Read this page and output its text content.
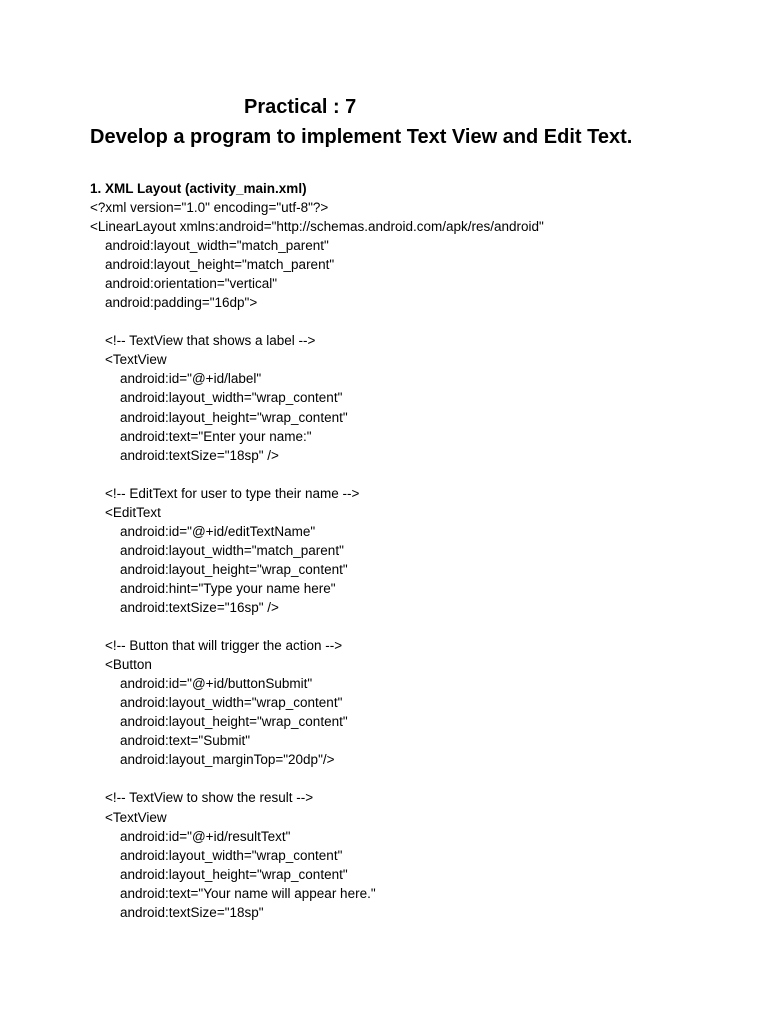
Practical : 7
Develop a program to implement Text View and Edit Text.
1. XML Layout (activity_main.xml)
<?xml version="1.0" encoding="utf-8"?>
<LinearLayout xmlns:android="http://schemas.android.com/apk/res/android"
android:layout_width="match_parent"
android:layout_height="match_parent"
android:orientation="vertical"
android:padding="16dp">
<!-- TextView that shows a label -->
<TextView
android:id="@+id/label"
android:layout_width="wrap_content"
android:layout_height="wrap_content"
android:text="Enter your name:"
android:textSize="18sp" />
<!-- EditText for user to type their name -->
<EditText
android:id="@+id/editTextName"
android:layout_width="match_parent"
android:layout_height="wrap_content"
android:hint="Type your name here"
android:textSize="16sp" />
<!-- Button that will trigger the action -->
<Button
android:id="@+id/buttonSubmit"
android:layout_width="wrap_content"
android:layout_height="wrap_content"
android:text="Submit"
android:layout_marginTop="20dp"/>
<!-- TextView to show the result -->
<TextView
android:id="@+id/resultText"
android:layout_width="wrap_content"
android:layout_height="wrap_content"
android:text="Your name will appear here."
android:textSize="18sp"
